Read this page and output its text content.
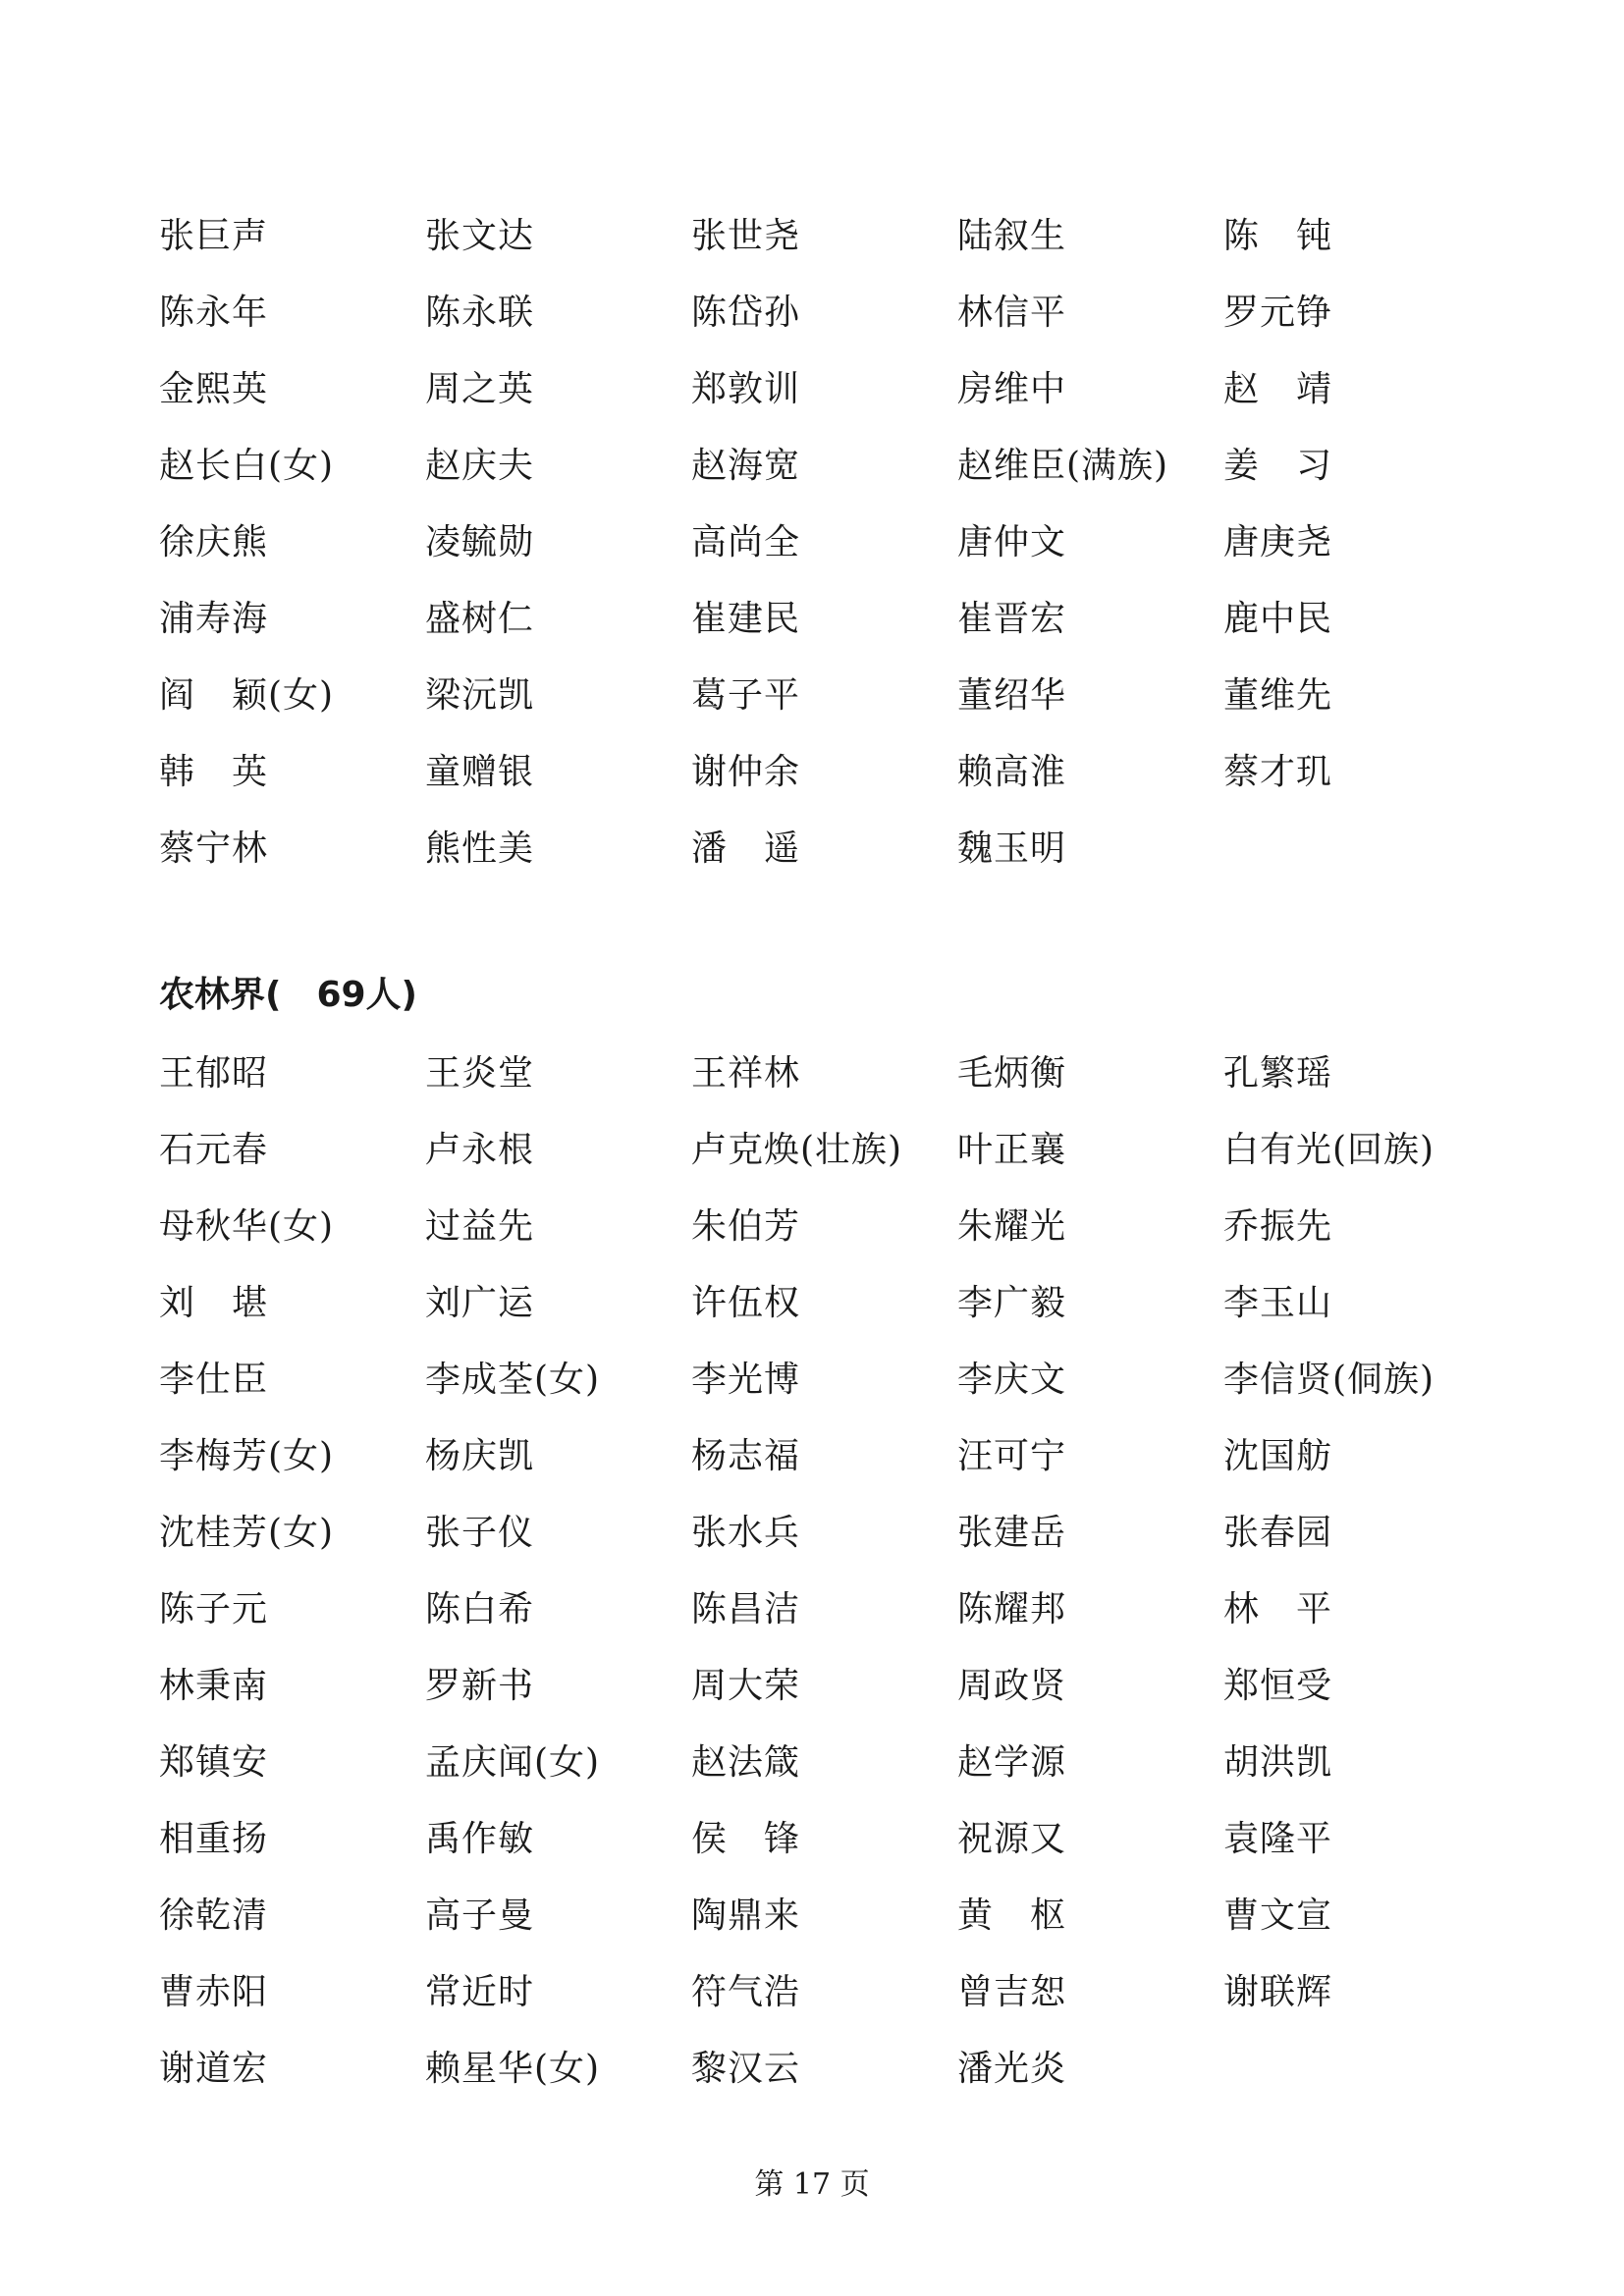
张巨声	张文达	张世尧	陆叙生	陈　钝
陈永年	陈永联	陈岱孙	林信平	罗元铮
金熙英	周之英	郑敦训	房维中	赵　靖
赵长白(女)	赵庆夫	赵海宽	赵维臣(满族)	姜　习
徐庆熊	凌毓勋	高尚全	唐仲文	唐庚尧
浦寿海	盛树仁	崔建民	崔晋宏	鹿中民
阎　颖(女)	梁沅凯	葛子平	董绍华	董维先
韩　英	童赠银	谢仲余	赖高淮	蔡才玑
蔡宁林	熊性美	潘　遥	魏玉明
农林界(　69人)
王郁昭	王炎堂	王祥林	毛炳衡	孔繁瑶
石元春	卢永根	卢克焕(壮族)	叶正襄	白有光(回族)
母秋华(女)	过益先	朱伯芳	朱耀光	乔振先
刘　堪	刘广运	许伍权	李广毅	李玉山
李仕臣	李成荃(女)	李光博	李庆文	李信贤(侗族)
李梅芳(女)	杨庆凯	杨志福	汪可宁	沈国舫
沈桂芳(女)	张子仪	张水兵	张建岳	张春园
陈子元	陈白希	陈昌洁	陈耀邦	林　平
林秉南	罗新书	周大荣	周政贤	郑恒受
郑镇安	孟庆闻(女)	赵法箴	赵学源	胡洪凯
相重扬	禹作敏	侯　锋	祝源又	袁隆平
徐乾清	高子曼	陶鼎来	黄　枢	曹文宣
曹赤阳	常近时	符气浩	曾吉恕	谢联辉
谢道宏	赖星华(女)	黎汉云	潘光炎
第 17 页
